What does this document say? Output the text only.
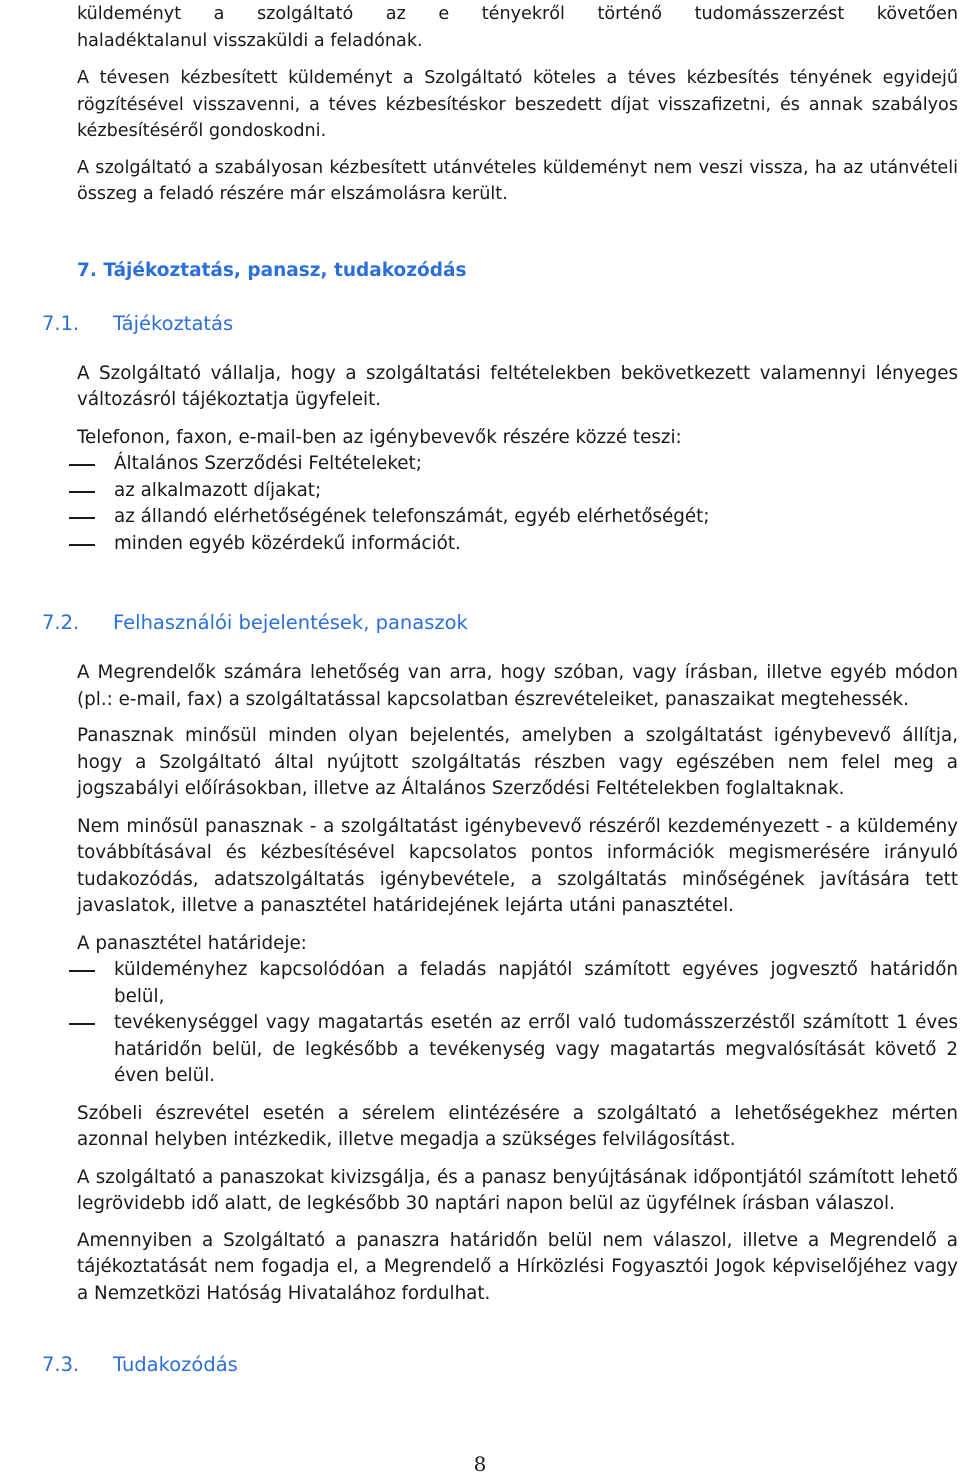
küldeményt a szolgáltató az e tényekről történő tudomásszerzést követően
haladéktalanul visszaküldi a feladónak.

A tévesen kézbesített küldeményt a Szolgáltató köteles a téves kézbesítés tényének egyidejű rögzítésével visszavenni, a téves kézbesítéskor beszedett díjat visszafizetni, és annak szabályos kézbesítéséről gondoskodni.

A szolgáltató a szabályosan kézbesített utánvételes küldeményt nem veszi vissza, ha az utánvételi összeg a feladó részére már elszámolásra került.

7. Tájékoztatás, panasz, tudakozódás
7.1.	Tájékoztatás

A Szolgáltató vállalja, hogy a szolgáltatási feltételekben bekövetkezett valamennyi lényeges változásról tájékoztatja ügyfeleit.

Telefonon, faxon, e-mail-ben az igénybevevők részére közzé teszi:

Általános Szerződési Feltételeket;
az alkalmazott díjakat;
az állandó elérhetőségének telefonszámát, egyéb elérhetőségét;
minden egyéb közérdekű információt.
7.2.	Felhasználói bejelentések, panaszok

A Megrendelők számára lehetőség van arra, hogy szóban, vagy írásban, illetve egyéb módon (pl.: e-mail, fax) a szolgáltatással kapcsolatban észrevételeiket, panaszaikat megtehessék.

Panasznak minősül minden olyan bejelentés, amelyben a szolgáltatást igénybevevő állítja, hogy a Szolgáltató által nyújtott szolgáltatás részben vagy egészében nem felel meg a jogszabályi előírásokban, illetve az Általános Szerződési Feltételekben foglaltaknak.

Nem minősül panasznak - a szolgáltatást igénybevevő részéről kezdeményezett - a küldemény továbbításával és kézbesítésével kapcsolatos pontos információk megismerésére irányuló tudakozódás, adatszolgáltatás igénybevétele, a szolgáltatás minőségének javítására tett javaslatok, illetve a panasztétel határidejének lejárta utáni panasztétel.

A panasztétel határideje:

küldeményhez kapcsolódóan a feladás napjától számított egyéves jogvesztő határidőn belül,
tevékenységgel vagy magatartás esetén az erről való tudomásszerzéstől számított 1 éves határidőn belül, de legkésőbb a tevékenység vagy magatartás megvalósítását követő 2 éven belül.

Szóbeli észrevétel esetén a sérelem elintézésére a szolgáltató a lehetőségekhez mérten azonnal helyben intézkedik, illetve megadja a szükséges felvilágosítást.

A szolgáltató a panaszokat kivizsgálja, és a panasz benyújtásának időpontjától számított lehető legrövidebb idő alatt, de legkésőbb 30 naptári napon belül az ügyfélnek írásban válaszol.

Amennyiben a Szolgáltató a panaszra határidőn belül nem válaszol, illetve a Megrendelő a tájékoztatását nem fogadja el, a Megrendelő a Hírközlési Fogyasztói Jogok képviselőjéhez vagy a Nemzetközi Hatóság Hivatalához fordulhat.

7.3.	Tudakozódás
8
